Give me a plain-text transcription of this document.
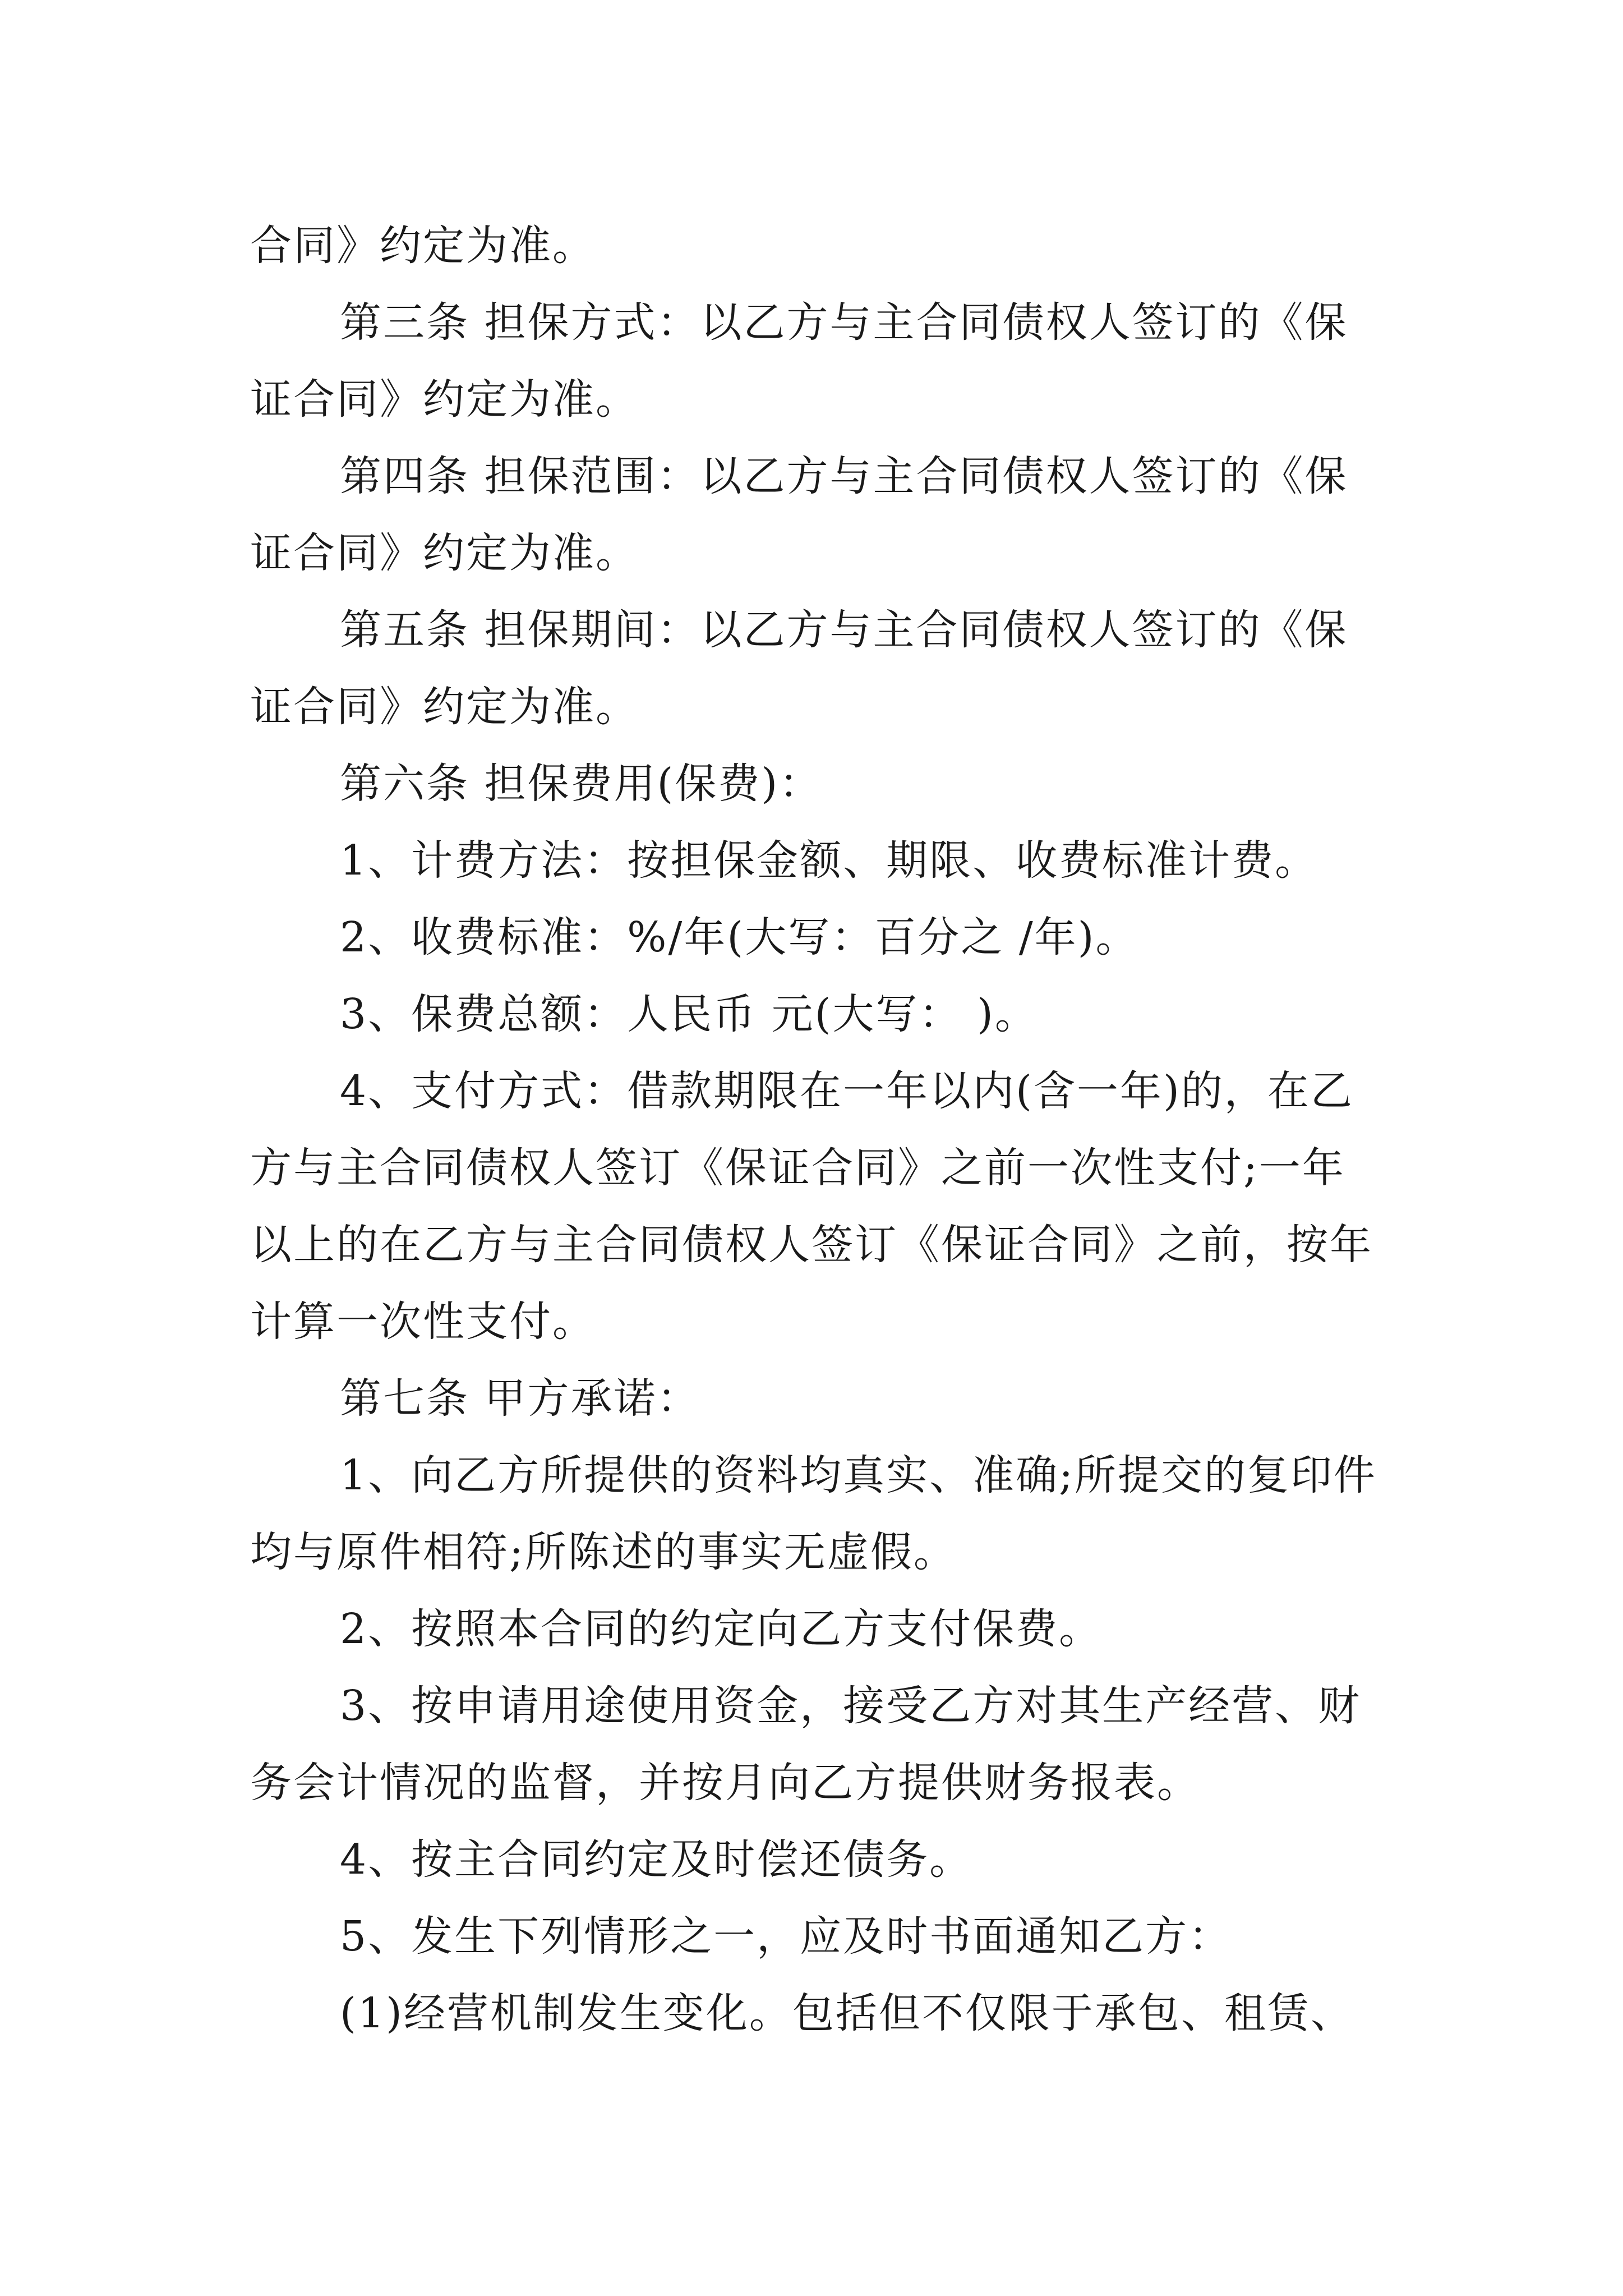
合同》约定为准。
第三条 担保方式：以乙方与主合同债权人签订的《保
证合同》约定为准。
第四条 担保范围：以乙方与主合同债权人签订的《保
证合同》约定为准。
第五条 担保期间：以乙方与主合同债权人签订的《保
证合同》约定为准。
第六条 担保费用(保费)：
1、计费方法：按担保金额、期限、收费标准计费。
2、收费标准：%/年(大写：百分之 /年)。
3、保费总额：人民币 元(大写： )。
4、支付方式：借款期限在一年以内(含一年)的，在乙
方与主合同债权人签订《保证合同》之前一次性支付;一年
以上的在乙方与主合同债权人签订《保证合同》之前，按年
计算一次性支付。
第七条 甲方承诺：
1、向乙方所提供的资料均真实、准确;所提交的复印件
均与原件相符;所陈述的事实无虚假。
2、按照本合同的约定向乙方支付保费。
3、按申请用途使用资金，接受乙方对其生产经营、财
务会计情况的监督，并按月向乙方提供财务报表。
4、按主合同约定及时偿还债务。
5、发生下列情形之一，应及时书面通知乙方：
(1)经营机制发生变化。包括但不仅限于承包、租赁、
